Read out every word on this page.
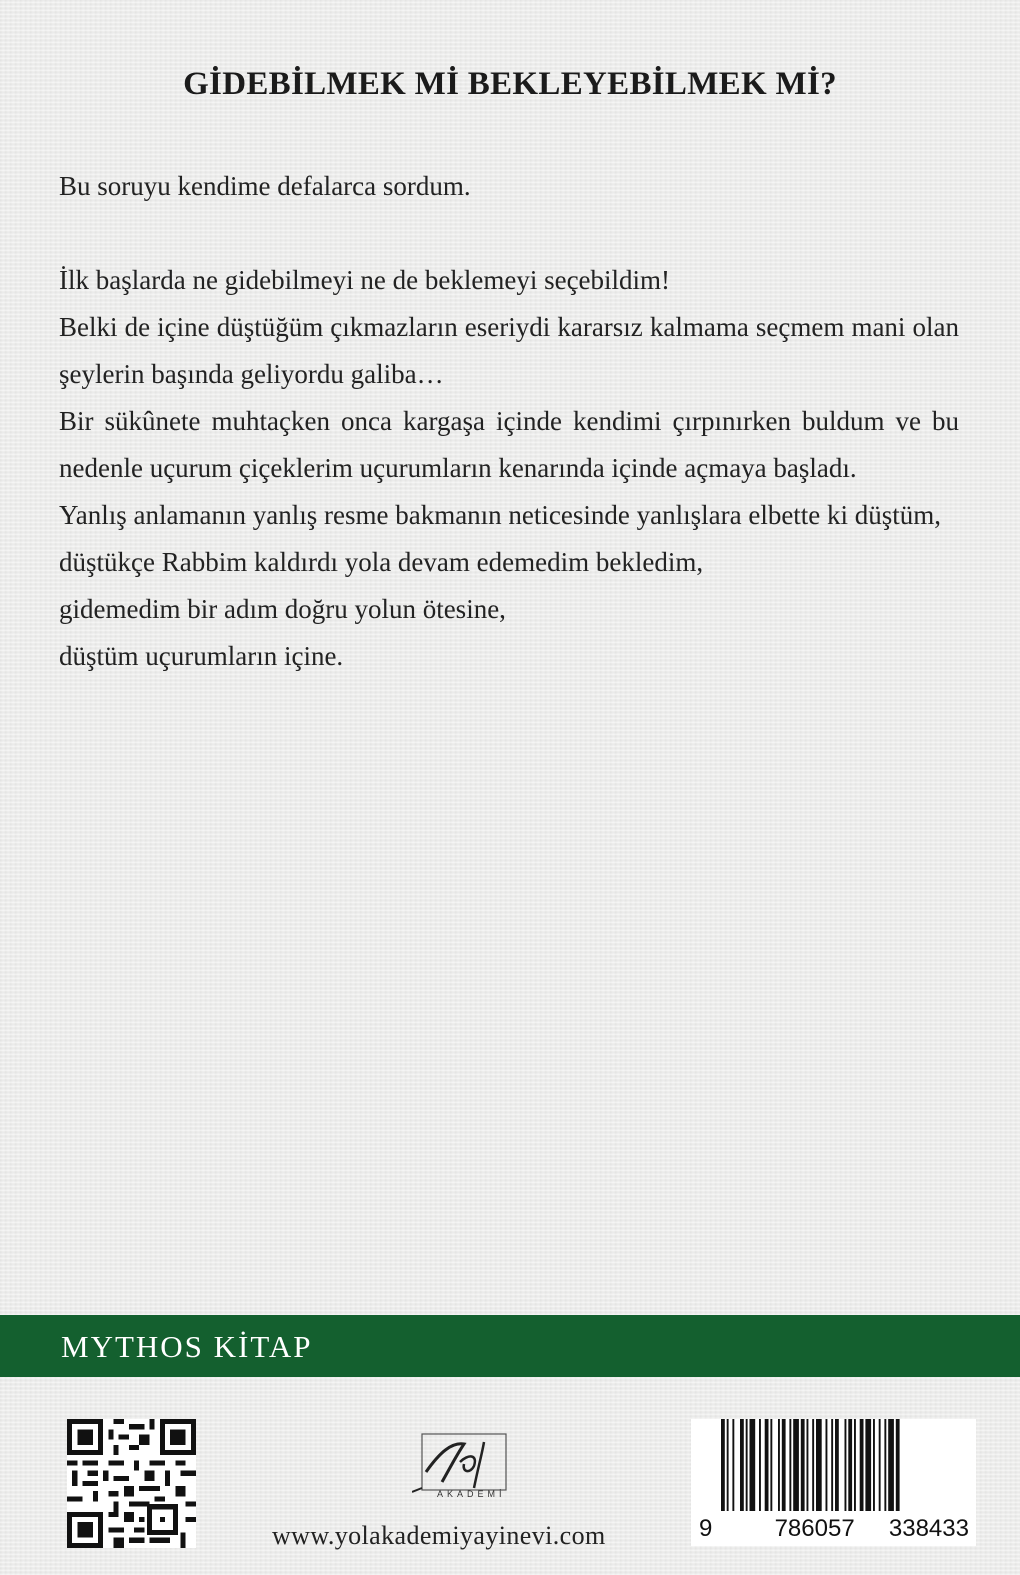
GİDEBİLMEK Mİ BEKLEYEBİLMEK Mİ?

Bu soruyu kendime defalarca sordum.

İlk başlarda ne gidebilmeyi ne de beklemeyi seçebildim!

Belki de içine düştüğüm çıkmazların eseriydi kararsız kalmama seçmem mani olan şeylerin başında geliyordu galiba…

Bir sükûnete muhtaçken onca kargaşa içinde kendimi çırpınırken buldum ve bu nedenle uçurum çiçeklerim uçurumların kenarında içinde açmaya başladı.

Yanlış anlamanın yanlış resme bakmanın neticesinde yanlışlara elbette ki düştüm,

düştükçe Rabbim kaldırdı yola devam edemedim bekledim,

gidemedim bir adım doğru yolun ötesine,

düştüm uçurumların içine.

MYTHOS KİTAP
AKADEMİ
www.yolakademiyayinevi.com	9	786057 338433
